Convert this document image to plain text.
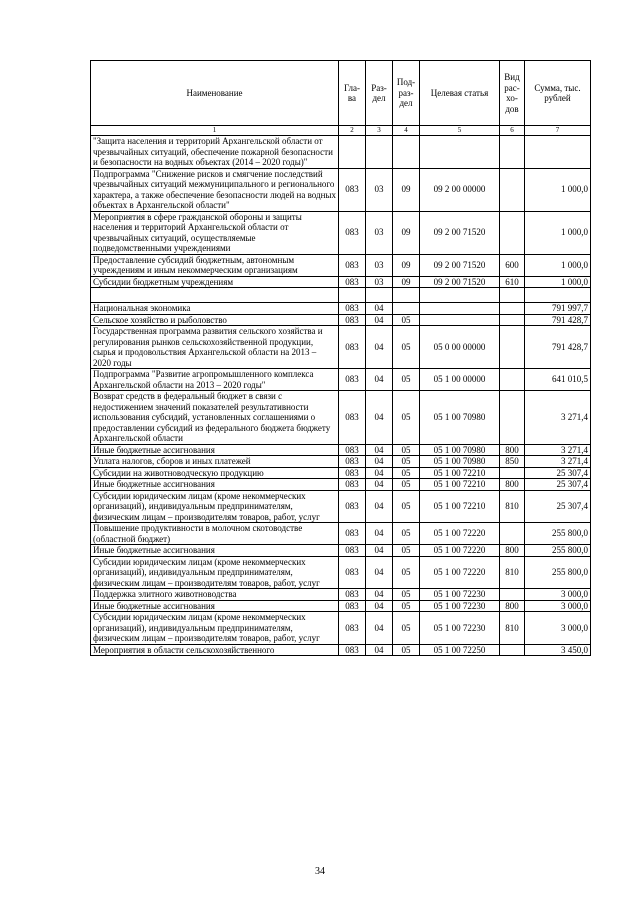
Наименование	Гла-ва	Раз-дел	Под-раз-дел	Целевая статья	Вид рас-хо-дов	Сумма, тыс. рублей
1	2	3	4	5	6	7
"Защита населения и территорий Архангельской области от чрезвычайных ситуаций, обеспечение пожарной безопасности и безопасности на водных объектах (2014 – 2020 годы)"						
Подпрограмма "Снижение рисков и смягчение последствий чрезвычайных ситуаций межмуниципального и регионального характера, а также обеспечение безопасности людей на водных объектах в Архангельской области"	083	03	09	09 2 00 00000		1 000,0
Мероприятия в сфере гражданской обороны и защиты населения и территорий Архангельской области от чрезвычайных ситуаций, осуществляемые подведомственными учреждениями	083	03	09	09 2 00 71520		1 000,0
Предоставление субсидий бюджетным, автономным учреждениям и иным некоммерческим организациям	083	03	09	09 2 00 71520	600	1 000,0
Субсидии бюджетным учреждениям	083	03	09	09 2 00 71520	610	1 000,0

Национальная экономика	083	04				791 997,7
Сельское хозяйство и рыболовство	083	04	05			791 428,7
Государственная программа развития сельского хозяйства и регулирования рынков сельскохозяйственной продукции, сырья и продовольствия Архангельской области на 2013 – 2020 годы	083	04	05	05 0 00 00000		791 428,7
Подпрограмма "Развитие агропромышленного комплекса Архангельской области на 2013 – 2020 годы"	083	04	05	05 1 00 00000		641 010,5
Возврат средств в федеральный бюджет в связи с недостижением значений показателей результативности использования субсидий, установленных соглашениями о предоставлении субсидий из федерального бюджета бюджету Архангельской области	083	04	05	05 1 00 70980		3 271,4
Иные бюджетные ассигнования	083	04	05	05 1 00 70980	800	3 271,4
Уплата налогов, сборов и иных платежей	083	04	05	05 1 00 70980	850	3 271,4
Субсидии на животноводческую продукцию	083	04	05	05 1 00 72210		25 307,4
Иные бюджетные ассигнования	083	04	05	05 1 00 72210	800	25 307,4
Субсидии юридическим лицам (кроме некоммерческих организаций), индивидуальным предпринимателям, физическим лицам – производителям товаров, работ, услуг	083	04	05	05 1 00 72210	810	25 307,4
Повышение продуктивности в молочном скотоводстве (областной бюджет)	083	04	05	05 1 00 72220		255 800,0
Иные бюджетные ассигнования	083	04	05	05 1 00 72220	800	255 800,0
Субсидии юридическим лицам (кроме некоммерческих организаций), индивидуальным предпринимателям, физическим лицам – производителям товаров, работ, услуг	083	04	05	05 1 00 72220	810	255 800,0
Поддержка элитного животноводства	083	04	05	05 1 00 72230		3 000,0
Иные бюджетные ассигнования	083	04	05	05 1 00 72230	800	3 000,0
Субсидии юридическим лицам (кроме некоммерческих организаций), индивидуальным предпринимателям, физическим лицам – производителям товаров, работ, услуг	083	04	05	05 1 00 72230	810	3 000,0
Мероприятия в области сельскохозяйственного	083	04	05	05 1 00 72250		3 450,0
34
